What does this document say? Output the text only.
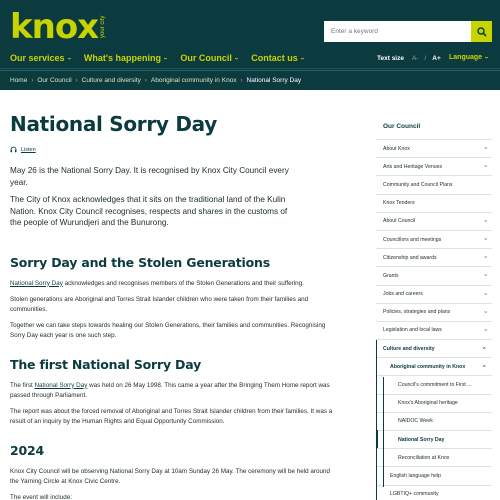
knox your city
Enter a keyword
Our services › What's happening › Our Council › Contact us ›	Text size A- / A+ Language ›
Home › Our Council › Culture and diversity › Aboriginal community in Knox › National Sorry Day
National Sorry Day
Listen

May 26 is the National Sorry Day. It is recognised by Knox City Council every year.

The City of Knox acknowledges that it sits on the traditional land of the Kulin Nation. Knox City Council recognises, respects and shares in the customs of the people of Wurundjeri and the Bunurong.

Sorry Day and the Stolen Generations

National Sorry Day acknowledges and recognises members of the Stolen Generations and their suffering.

Stolen generations are Aboriginal and Torres Strait Islander children who were taken from their families and communities.

Together we can take steps towards healing our Stolen Generations, their families and communities. Recognising Sorry Day each year is one such step.

The first National Sorry Day

The first National Sorry Day was held on 26 May 1998. This came a year after the Bringing Them Home report was passed through Parliament.

The report was about the forced removal of Aboriginal and Torres Strait Islander children from their families. It was a result of an inquiry by the Human Rights and Equal Opportunity Commission.

2024

Knox City Council will be observing National Sorry Day at 10am Sunday 26 May. The ceremony will be held around the Yarning Circle at Knox Civic Centre.

The event will include:

Our Council
About Knox	›
Arts and Heritage Venues	›
Community and Council Plans
Knox Tenders
About Council	›
Councillors and meetings	›
Citizenship and awards	›
Grants	›
Jobs and careers	›
Policies, strategies and plans	›
Legislation and local laws	›
Culture and diversity	›
Aboriginal community in Knox	›
Council's commitment to First ...
Knox's Aboriginal heritage
NAIDOC Week
National Sorry Day
Reconciliation at Knox
English language help
LGBTIQ+ community
